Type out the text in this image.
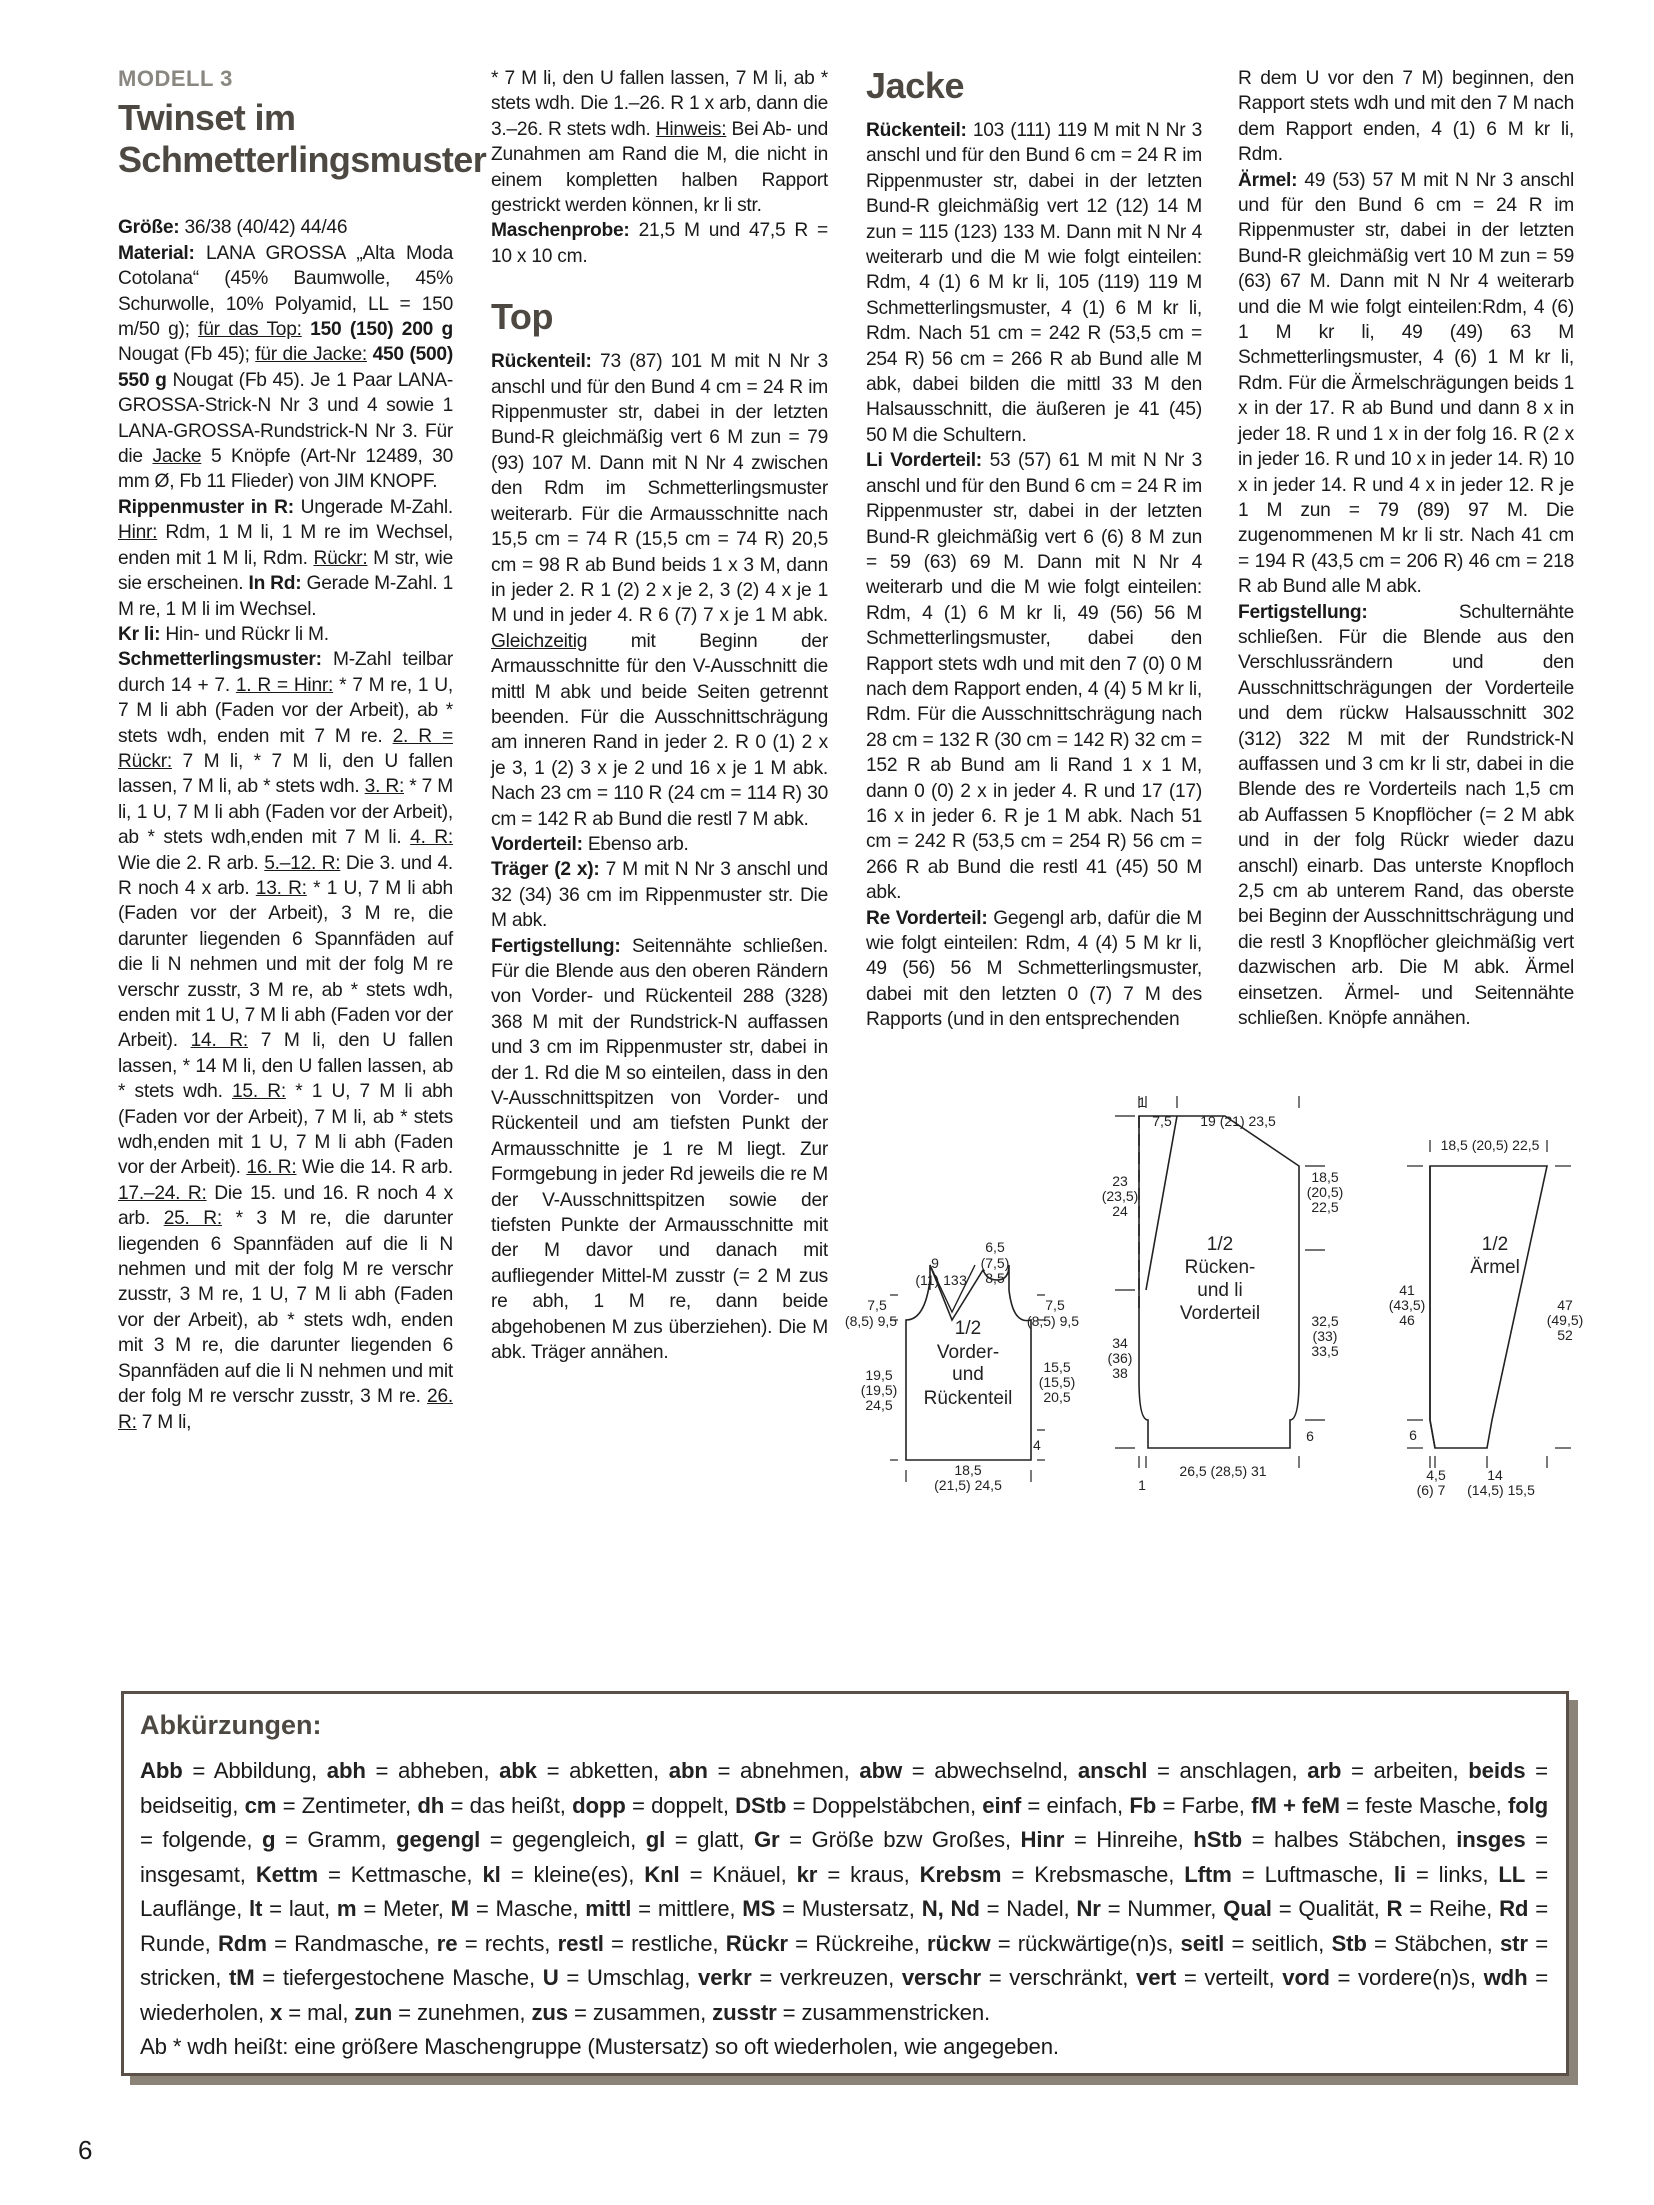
MODELL 3
Twinset im
Schmetterlingsmuster

Größe: 36/38 (40/42) 44/46
Material: LANA GROSSA „Alta Moda Cotolana“ (45% Baumwolle, 45% Schurwolle, 10% Polyamid, LL = 150 m/50 g); für das Top: 150 (150) 200 g Nougat (Fb 45); für die Jacke: 450 (500) 550 g Nougat (Fb 45). Je 1 Paar LANA-GROSSA-Strick-N Nr 3 und 4 sowie 1 LANA-GROSSA-Rundstrick-N Nr 3. Für die Jacke 5 Knöpfe (Art-Nr 12489, 30 mm Ø, Fb 11 Flieder) von JIM KNOPF.
Rippenmuster in R: Ungerade M-Zahl. Hinr: Rdm, 1 M li, 1 M re im Wechsel, enden mit 1 M li, Rdm. Rückr: M str, wie sie erscheinen. In Rd: Gerade M-Zahl. 1 M re, 1 M li im Wechsel.
Kr li: Hin- und Rückr li M.
Schmetterlingsmuster: M-Zahl teilbar durch 14 + 7. 1. R = Hinr: * 7 M re, 1 U, 7 M li abh (Faden vor der Arbeit), ab * stets wdh, enden mit 7 M re. 2. R = Rückr: 7 M li, * 7 M li, den U fallen lassen, 7 M li, ab * stets wdh. 3. R: * 7 M li, 1 U, 7 M li abh (Faden vor der Arbeit), ab * stets wdh,enden mit 7 M li. 4. R: Wie die 2. R arb. 5.–12. R: Die 3. und 4. R noch 4 x arb. 13. R: * 1 U, 7 M li abh (Faden vor der Arbeit), 3 M re, die darunter liegenden 6 Spannfäden auf die li N nehmen und mit der folg M re verschr zusstr, 3 M re, ab * stets wdh, enden mit 1 U, 7 M li abh (Faden vor der Arbeit). 14. R: 7 M li, den U fallen lassen, * 14 M li, den U fallen lassen, ab * stets wdh. 15. R: * 1 U, 7 M li abh (Faden vor der Arbeit), 7 M li, ab * stets wdh,enden mit 1 U, 7 M li abh (Faden vor der Arbeit). 16. R: Wie die 14. R arb. 17.–24. R: Die 15. und 16. R noch 4 x arb. 25. R: * 3 M re, die darunter liegenden 6 Spannfäden auf die li N nehmen und mit der folg M re verschr zusstr, 3 M re, 1 U, 7 M li abh (Faden vor der Arbeit), ab * stets wdh, enden mit 3 M re, die darunter liegenden 6 Spannfäden auf die li N nehmen und mit der folg M re verschr zusstr, 3 M re. 26. R: 7 M li,

* 7 M li, den U fallen lassen, 7 M li, ab * stets wdh. Die 1.–26. R 1 x arb, dann die 3.–26. R stets wdh. Hinweis: Bei Ab- und Zunahmen am Rand die M, die nicht in einem kompletten halben Rapport gestrickt werden können, kr li str.
Maschenprobe: 21,5 M und 47,5 R = 10 x 10 cm.

Top

Rückenteil: 73 (87) 101 M mit N Nr 3 anschl und für den Bund 4 cm = 24 R im Rippenmuster str, dabei in der letzten Bund-R gleichmäßig vert 6 M zun = 79 (93) 107 M. Dann mit N Nr 4 zwischen den Rdm im Schmetterlingsmuster weiterarb. Für die Armausschnitte nach 15,5 cm = 74 R (15,5 cm = 74 R) 20,5 cm = 98 R ab Bund beids 1 x 3 M, dann in jeder 2. R 1 (2) 2 x je 2, 3 (2) 4 x je 1 M und in jeder 4. R 6 (7) 7 x je 1 M abk. Gleichzeitig mit Beginn der Armausschnitte für den V-Ausschnitt die mittl M abk und beide Seiten getrennt beenden. Für die Ausschnittschrägung am inneren Rand in jeder 2. R 0 (1) 2 x je 3, 1 (2) 3 x je 2 und 16 x je 1 M abk. Nach 23 cm = 110 R (24 cm = 114 R) 30 cm = 142 R ab Bund die restl 7 M abk.
Vorderteil: Ebenso arb.
Träger (2 x): 7 M mit N Nr 3 anschl und 32 (34) 36 cm im Rippenmuster str. Die M abk.
Fertigstellung: Seitennähte schließen. Für die Blende aus den oberen Rändern von Vorder- und Rückenteil 288 (328) 368 M mit der Rundstrick-N auffassen und 3 cm im Rippenmuster str, dabei in der 1. Rd die M so einteilen, dass in den V-Ausschnittspitzen von Vorder- und Rückenteil und am tiefsten Punkt der Armausschnitte je 1 re M liegt. Zur Formgebung in jeder Rd jeweils die re M der V-Ausschnittspitzen sowie der tiefsten Punkte der Armausschnitte mit der M davor und danach mit aufliegender Mittel-M zusstr (= 2 M zus re abh, 1 M re, dann beide abgehobenen M zus überziehen). Die M abk. Träger annähen.

Jacke

Rückenteil: 103 (111) 119 M mit N Nr 3 anschl und für den Bund 6 cm = 24 R im Rippenmuster str, dabei in der letzten Bund-R gleichmäßig vert 12 (12) 14 M zun = 115 (123) 133 M. Dann mit N Nr 4 weiterarb und die M wie folgt einteilen: Rdm, 4 (1) 6 M kr li, 105 (119) 119 M Schmetterlingsmuster, 4 (1) 6 M kr li, Rdm. Nach 51 cm = 242 R (53,5 cm = 254 R) 56 cm = 266 R ab Bund alle M abk, dabei bilden die mittl 33 M den Halsausschnitt, die äußeren je 41 (45) 50 M die Schultern.
Li Vorderteil: 53 (57) 61 M mit N Nr 3 anschl und für den Bund 6 cm = 24 R im Rippenmuster str, dabei in der letzten Bund-R gleichmäßig vert 6 (6) 8 M zun = 59 (63) 69 M. Dann mit N Nr 4 weiterarb und die M wie folgt einteilen: Rdm, 4 (1) 6 M kr li, 49 (56) 56 M Schmetterlingsmuster, dabei den Rapport stets wdh und mit den 7 (0) 0 M nach dem Rapport enden, 4 (4) 5 M kr li, Rdm. Für die Ausschnittschrägung nach 28 cm = 132 R (30 cm = 142 R) 32 cm = 152 R ab Bund am li Rand 1 x 1 M, dann 0 (0) 2 x in jeder 4. R und 17 (17) 16 x in jeder 6. R je 1 M abk. Nach 51 cm = 242 R (53,5 cm = 254 R) 56 cm = 266 R ab Bund die restl 41 (45) 50 M abk.
Re Vorderteil: Gegengl arb, dafür die M wie folgt einteilen: Rdm, 4 (4) 5 M kr li, 49 (56) 56 M Schmetterlingsmuster, dabei mit den letzten 0 (7) 7 M des Rapports (und in den entsprechenden

R dem U vor den 7 M) beginnen, den Rapport stets wdh und mit den 7 M nach dem Rapport enden, 4 (1) 6 M kr li, Rdm.
Ärmel: 49 (53) 57 M mit N Nr 3 anschl und für den Bund 6 cm = 24 R im Rippenmuster str, dabei in der letzten Bund-R gleichmäßig vert 10 M zun = 59 (63) 67 M. Dann mit N Nr 4 weiterarb und die M wie folgt einteilen:Rdm, 4 (6) 1 M kr li, 49 (49) 63 M Schmetterlingsmuster, 4 (6) 1 M kr li, Rdm. Für die Ärmelschrägungen beids 1 x in der 17. R ab Bund und dann 8 x in jeder 18. R und 1 x in der folg 16. R (2 x in jeder 16. R und 10 x in jeder 14. R) 10 x in jeder 14. R und 4 x in jeder 12. R je 1 M zun = 79 (89) 97 M. Die zugenommenen M kr li str. Nach 41 cm = 194 R (43,5 cm = 206 R) 46 cm = 218 R ab Bund alle M abk.
Fertigstellung:	Schulternähte schließen. Für die Blende aus den Verschlussrändern und den Ausschnittschrägungen der Vorderteile und dem rückw Halsausschnitt 302 (312) 322 M mit der Rundstrick-N auffassen und 3 cm kr li str, dabei in die Blende des re Vorderteils nach 1,5 cm ab Auffassen 5 Knopflöcher (= 2 M abk und in der folg Rückr wieder dazu anschl) einarb. Das unterste Knopfloch 2,5 cm ab unterem Rand, das oberste bei Beginn der Ausschnittschrägung und die restl 3 Knopflöcher gleichmäßig vert dazwischen arb. Die M abk. Ärmel einsetzen. Ärmel- und Seitennähte schließen. Knöpfe annähen.

1/2
Vorder-
und
Rückenteil
9
(11) 13 3
6,5
(7,5)
8,5
7,5
(8,5) 9,5
7,5
(8,5) 9,5
19,5
(19,5)
24,5
15,5
(15,5)
20,5
4
18,5
(21,5) 24,5
1/2
Rücken-
und li
Vorderteil
1
7,5 19 (21) 23,5
23
(23,5)
24
18,5
(20,5)
22,5
34
(36)
38
32,5
(33)
33,5
6
1
26,5 (28,5) 31
1/2
Ärmel
18,5 (20,5) 22,5
41
(43,5)
46
47
(49,5)
52
6
4,5
(6) 7
14
(14,5) 15,5
Abkürzungen:
Abb = Abbildung, abh = abheben, abk = abketten, abn = abnehmen, abw = abwechselnd, anschl = anschlagen, arb = arbeiten, beids = beidseitig, cm = Zentimeter, dh = das heißt, dopp = doppelt, DStb = Doppelstäbchen, einf = einfach, Fb = Farbe, fM + feM = feste Masche, folg = folgende, g = Gramm, gegengl = gegengleich, gl = glatt, Gr = Größe bzw Großes, Hinr = Hinreihe, hStb = halbes Stäbchen, insges = insgesamt, Kettm = Kettmasche, kl = kleine(es), Knl = Knäuel, kr = kraus, Krebsm = Krebsmasche, Lftm = Luftmasche, li = links, LL = Lauflänge, lt = laut, m = Meter, M = Masche, mittl = mittlere, MS = Mustersatz, N, Nd = Nadel, Nr = Nummer, Qual = Qualität, R = Reihe, Rd = Runde, Rdm = Randmasche, re = rechts, restl = restliche, Rückr = Rückreihe, rückw = rückwärtige(n)s, seitl = seitlich, Stb = Stäbchen, str = stricken, tM = tiefergestochene Masche, U = Umschlag, verkr = verkreuzen, verschr = verschränkt, vert = verteilt, vord = vordere(n)s, wdh = wiederholen, x = mal, zun = zunehmen, zus = zusammen, zusstr = zusammenstricken.
Ab * wdh heißt: eine größere Maschengruppe (Mustersatz) so oft wiederholen, wie angegeben.
6
